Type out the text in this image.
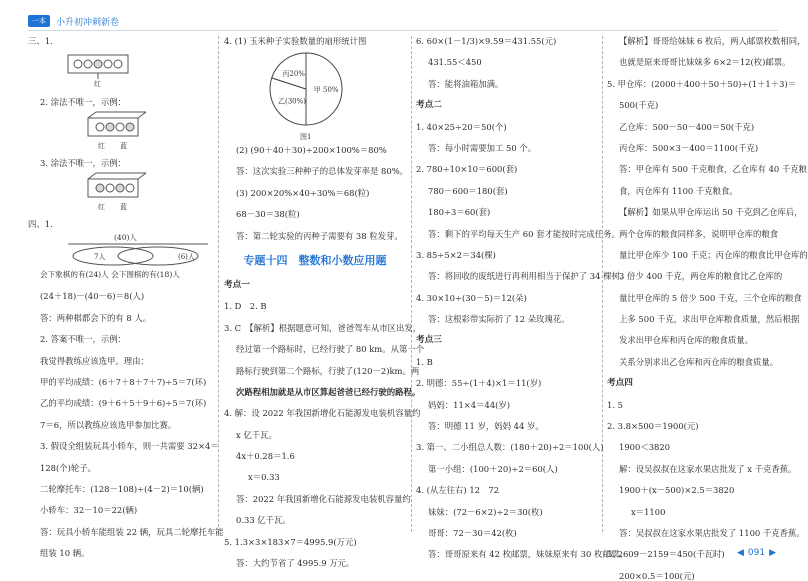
一本	小升初冲刺新卷
三、1.
红
2. 涂法不唯一，示例：
红 蓝
3. 涂法不唯一，示例：
红 蓝
四、1.
(40)人
7人	(6)人
会下象棋的有(24)人 会下围棋的有(18)人
(24＋18)－(40－6)＝8(人)
答：两种棋都会下的有 8 人。
2. 答案不唯一，示例：
我觉得教练应该选甲。理由：
甲的平均成绩：(6＋7＋8＋7＋7)÷5＝7(环)
乙的平均成绩：(9＋6＋5＋9＋6)÷5＝7(环)
7＝6，所以教练应该选甲参加比赛。
3. 假设全组装玩具小轿车，则一共需要 32×4＝
128(个)轮子。
二轮摩托车：(128－108)÷(4－2)＝10(辆)
小轿车：32－10＝22(辆)
答：玩具小轿车能组装 22 辆，玩具二轮摩托车能
组装 10 辆。
4. (1) 玉米种子实验数量的扇形统计图
甲 50%
乙(30%)
丙20%
图1
(2) (90＋40＋30)÷200×100%＝80%
答：这次实验三种种子的总体发芽率是 80%。
(3) 200×20%×40÷30%＝68(粒)
68－30＝38(粒)
答：第二轮实验的丙种子需要有 38 粒发芽。
专题十四　整数和小数应用题
考点一
1. D　2. B
3. C　【解析】根据题意可知，爸爸驾车从市区出发，
经过第一个路标时，已经行驶了 80 km。从第一个
路标行驶到第二个路标，行驶了(120－2)km。两
次路程相加就是从市区算起爸爸已经行驶的路程。
4. 解：设 2022 年我国新增化石能源发电装机容量约
x 亿千瓦。
4x＋0.28＝1.6
x＝0.33
答：2022 年我国新增化石能源发电装机容量约
0.33 亿千瓦。
5. 1.3×3×183×7＝4995.9(万元)
答：大约节省了 4995.9 万元。
6. 60×(1－1/3)×9.59＝431.55(元)
431.55＜450
答：能将油箱加满。
考点二
1. 40×25÷20＝50(个)
答：每小时需要加工 50 个。
2. 780÷10×10＝600(套)
780－600＝180(套)
180÷3＝60(套)
答：剩下的平均每天生产 60 套才能按时完成任务。
3. 85÷5×2＝34(棵)
答：将回收的废纸进行再利用相当于保护了 34 棵树。
4. 30×10÷(30－5)＝12(朵)
答：这根彩带实际折了 12 朵玫瑰花。
考点三
1. B
2. 明德：55÷(1＋4)×1＝11(岁)
妈妈：11×4＝44(岁)
答：明德 11 岁，妈妈 44 岁。
3. 第一、二小组总人数：(180＋20)÷2＝100(人)
第一小组：(100＋20)÷2＝60(人)
4. (从左往右) 12　72
妹妹：(72－6×2)÷2＝30(枚)
哥哥：72－30＝42(枚)
答：哥哥原来有 42 枚邮票，妹妹原来有 30 枚邮票。
【解析】哥哥给妹妹 6 枚后，两人邮票枚数相同，
也就是原来哥哥比妹妹多 6×2＝12(枚)邮票。
5. 甲仓库：(2000＋400＋50＋50)÷(1＋1＋3)＝
500(千克)
乙仓库：500－50－400＝50(千克)
丙仓库：500×3－400＝1100(千克)
答：甲仓库有 500 千克粮食，乙仓库有 40 千克粮
食，丙仓库有 1100 千克粮食。
【解析】如果从甲仓库运出 50 千克到乙仓库后，
两个仓库的粮食同样多，说明甲仓库的粮食
量比甲仓库少 100 千克；丙仓库的粮食比甲仓库的
3 倍少 400 千克，两仓库的粮食比乙仓库的
量比甲仓库的 5 倍少 500 千克，三个仓库的粮食
上多 500 千克，求出甲仓库粮食质量，然后根据
发求出甲仓库和丙仓库的粮食质量。
关系分别求出乙仓库和丙仓库的粮食质量。
考点四
1. 5
2. 3.8×500＝1900(元)
1900＜3820
解：设吴叔叔在这家水果店批发了 x 千克香蕉。
1900＋(x－500)×2.5＝3820
x＝1100
答：吴叔叔在这家水果店批发了 1100 千克香蕉。
3. 2609－2159＝450(千瓦时)
200×0.5＝100(元)
◀ 091 ▶
